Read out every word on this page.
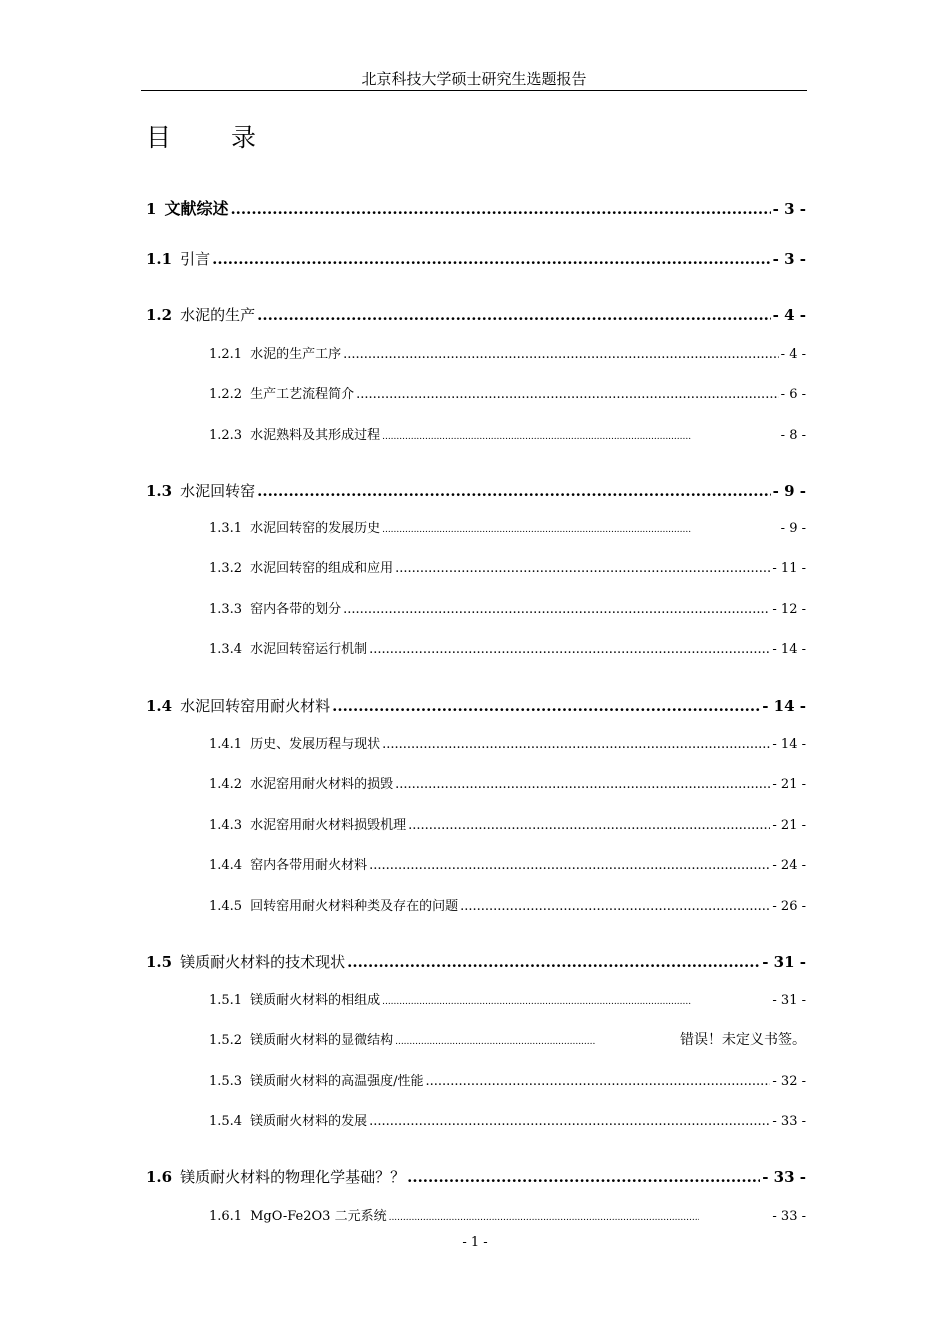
北京科技大学硕士研究生选题报告
目 录
1 文献综述 .....	- 3 -
1.1 引言 .....	- 3 -
1.2 水泥的生产 .....	- 4 -
1.2.1 水泥的生产工序 .....	- 4 -
1.2.2 生产工艺流程简介 .....	- 6 -
1.2.3 水泥熟料及其形成过程 .....	- 8 -
1.3 水泥回转窑 .....	- 9 -
1.3.1 水泥回转窑的发展历史 .....	- 9 -
1.3.2 水泥回转窑的组成和应用 .....	- 11 -
1.3.3 窑内各带的划分 .....	- 12 -
1.3.4 水泥回转窑运行机制 .....	- 14 -
1.4 水泥回转窑用耐火材料 .....	- 14 -
1.4.1 历史、发展历程与现状 .....	- 14 -
1.4.2 水泥窑用耐火材料的损毁 .....	- 21 -
1.4.3 水泥窑用耐火材料损毁机理 .....	- 21 -
1.4.4 窑内各带用耐火材料 .....	- 24 -
1.4.5 回转窑用耐火材料种类及存在的问题 .....	- 26 -
1.5 镁质耐火材料的技术现状 .....	- 31 -
1.5.1 镁质耐火材料的相组成 .....	- 31 -
1.5.2 镁质耐火材料的显微结构 .....	错误！未定义书签。
1.5.3 镁质耐火材料的高温强度/性能 .....	- 32 -
1.5.4 镁质耐火材料的发展 .....	- 33 -
1.6 镁质耐火材料的物理化学基础？？ .....	- 33 -
1.6.1 MgO-Fe2O3 二元系统 .....	- 33 -
- 1 -
